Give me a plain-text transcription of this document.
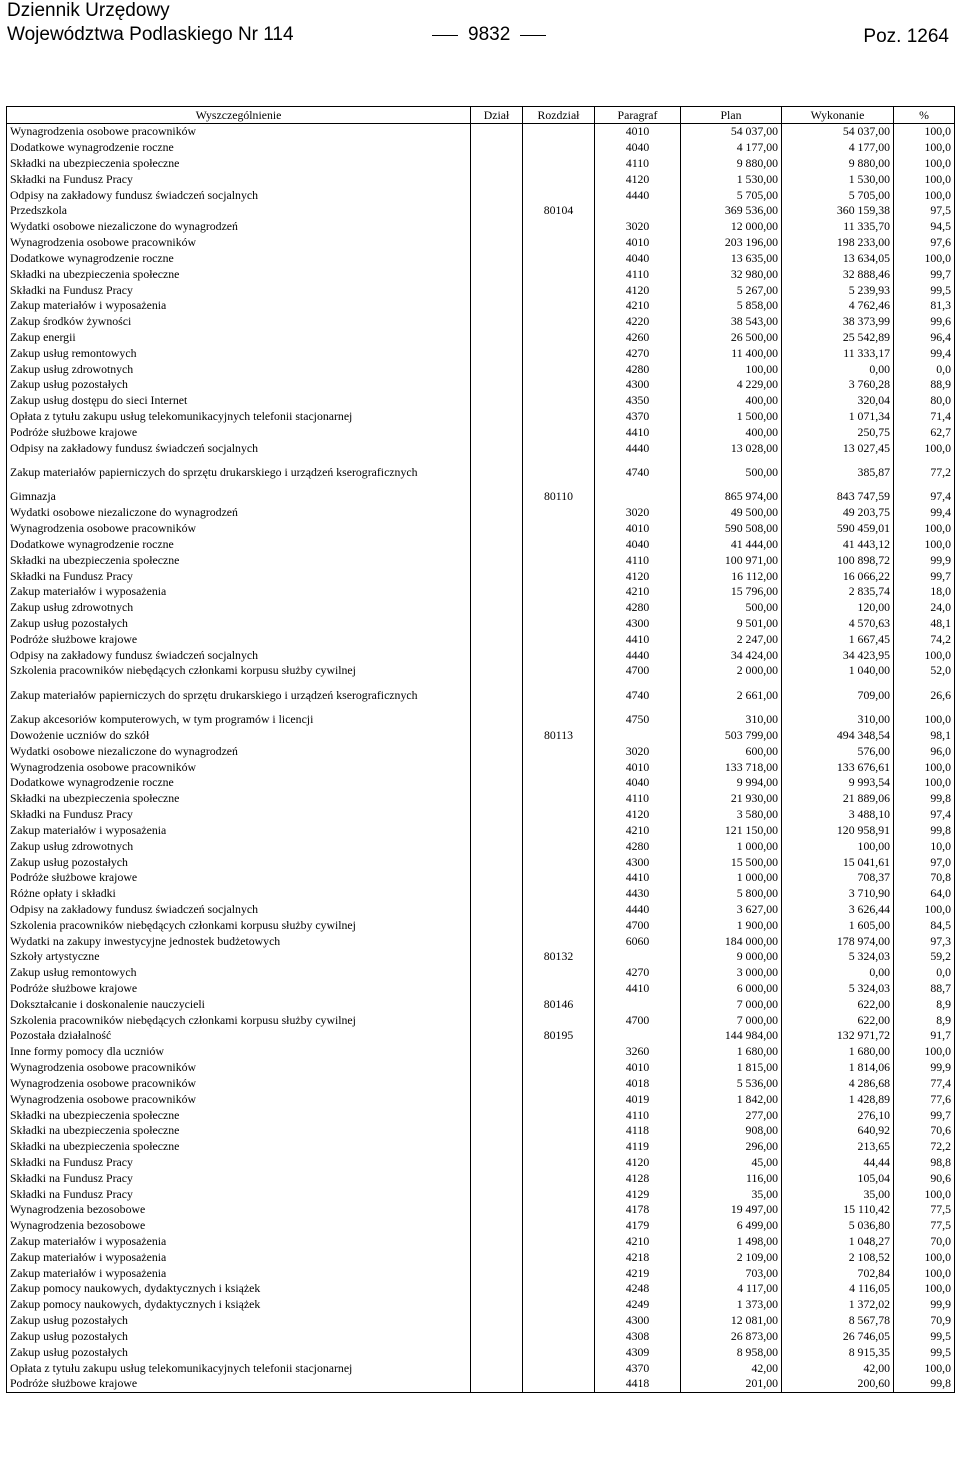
Dziennik Urzędowy
Województwa Podlaskiego Nr 114	9832	Poz. 1264
Wyszczególnienie	Dział	Rozdział	Paragraf	Plan	Wykonanie	%
Wynagrodzenia osobowe pracowników			4010	54 037,00	54 037,00	100,0
Dodatkowe wynagrodzenie roczne			4040	4 177,00	4 177,00	100,0
Składki na ubezpieczenia społeczne			4110	9 880,00	9 880,00	100,0
Składki na Fundusz Pracy			4120	1 530,00	1 530,00	100,0
Odpisy na zakładowy fundusz świadczeń socjalnych			4440	5 705,00	5 705,00	100,0
Przedszkola		80104		369 536,00	360 159,38	97,5
Wydatki osobowe niezaliczone do wynagrodzeń			3020	12 000,00	11 335,70	94,5
Wynagrodzenia osobowe pracowników			4010	203 196,00	198 233,00	97,6
Dodatkowe wynagrodzenie roczne			4040	13 635,00	13 634,05	100,0
Składki na ubezpieczenia społeczne			4110	32 980,00	32 888,46	99,7
Składki na Fundusz Pracy			4120	5 267,00	5 239,93	99,5
Zakup materiałów i wyposażenia			4210	5 858,00	4 762,46	81,3
Zakup środków żywności			4220	38 543,00	38 373,99	99,6
Zakup energii			4260	26 500,00	25 542,89	96,4
Zakup usług remontowych			4270	11 400,00	11 333,17	99,4
Zakup usług zdrowotnych			4280	100,00	0,00	0,0
Zakup usług pozostałych			4300	4 229,00	3 760,28	88,9
Zakup usług dostępu do sieci Internet			4350	400,00	320,04	80,0
Opłata z tytułu zakupu usług telekomunikacyjnych telefonii stacjonarnej			4370	1 500,00	1 071,34	71,4
Podróże służbowe krajowe			4410	400,00	250,75	62,7
Odpisy na zakładowy fundusz świadczeń socjalnych			4440	13 028,00	13 027,45	100,0
Zakup materiałów papierniczych do sprzętu drukarskiego i urządzeń kserograficznych			4740	500,00	385,87	77,2
Gimnazja		80110		865 974,00	843 747,59	97,4
Wydatki osobowe niezaliczone do wynagrodzeń			3020	49 500,00	49 203,75	99,4
Wynagrodzenia osobowe pracowników			4010	590 508,00	590 459,01	100,0
Dodatkowe wynagrodzenie roczne			4040	41 444,00	41 443,12	100,0
Składki na ubezpieczenia społeczne			4110	100 971,00	100 898,72	99,9
Składki na Fundusz Pracy			4120	16 112,00	16 066,22	99,7
Zakup materiałów i wyposażenia			4210	15 796,00	2 835,74	18,0
Zakup usług zdrowotnych			4280	500,00	120,00	24,0
Zakup usług pozostałych			4300	9 501,00	4 570,63	48,1
Podróże służbowe krajowe			4410	2 247,00	1 667,45	74,2
Odpisy na zakładowy fundusz świadczeń socjalnych			4440	34 424,00	34 423,95	100,0
Szkolenia pracowników niebędących członkami korpusu służby cywilnej			4700	2 000,00	1 040,00	52,0
Zakup materiałów papierniczych do sprzętu drukarskiego i urządzeń kserograficznych			4740	2 661,00	709,00	26,6
Zakup akcesoriów komputerowych, w tym programów i licencji			4750	310,00	310,00	100,0
Dowożenie uczniów do szkół		80113		503 799,00	494 348,54	98,1
Wydatki osobowe niezaliczone do wynagrodzeń			3020	600,00	576,00	96,0
Wynagrodzenia osobowe pracowników			4010	133 718,00	133 676,61	100,0
Dodatkowe wynagrodzenie roczne			4040	9 994,00	9 993,54	100,0
Składki na ubezpieczenia społeczne			4110	21 930,00	21 889,06	99,8
Składki na Fundusz Pracy			4120	3 580,00	3 488,10	97,4
Zakup materiałów i wyposażenia			4210	121 150,00	120 958,91	99,8
Zakup usług zdrowotnych			4280	1 000,00	100,00	10,0
Zakup usług pozostałych			4300	15 500,00	15 041,61	97,0
Podróże służbowe krajowe			4410	1 000,00	708,37	70,8
Różne opłaty i składki			4430	5 800,00	3 710,90	64,0
Odpisy na zakładowy fundusz świadczeń socjalnych			4440	3 627,00	3 626,44	100,0
Szkolenia pracowników niebędących członkami korpusu służby cywilnej			4700	1 900,00	1 605,00	84,5
Wydatki na zakupy inwestycyjne jednostek budżetowych			6060	184 000,00	178 974,00	97,3
Szkoły artystyczne		80132		9 000,00	5 324,03	59,2
Zakup usług remontowych			4270	3 000,00	0,00	0,0
Podróże służbowe krajowe			4410	6 000,00	5 324,03	88,7
Dokształcanie i doskonalenie nauczycieli		80146		7 000,00	622,00	8,9
Szkolenia pracowników niebędących członkami korpusu służby cywilnej			4700	7 000,00	622,00	8,9
Pozostała działalność		80195		144 984,00	132 971,72	91,7
Inne formy pomocy dla uczniów			3260	1 680,00	1 680,00	100,0
Wynagrodzenia osobowe pracowników			4010	1 815,00	1 814,06	99,9
Wynagrodzenia osobowe pracowników			4018	5 536,00	4 286,68	77,4
Wynagrodzenia osobowe pracowników			4019	1 842,00	1 428,89	77,6
Składki na ubezpieczenia społeczne			4110	277,00	276,10	99,7
Składki na ubezpieczenia społeczne			4118	908,00	640,92	70,6
Składki na ubezpieczenia społeczne			4119	296,00	213,65	72,2
Składki na Fundusz Pracy			4120	45,00	44,44	98,8
Składki na Fundusz Pracy			4128	116,00	105,04	90,6
Składki na Fundusz Pracy			4129	35,00	35,00	100,0
Wynagrodzenia bezosobowe			4178	19 497,00	15 110,42	77,5
Wynagrodzenia bezosobowe			4179	6 499,00	5 036,80	77,5
Zakup materiałów i wyposażenia			4210	1 498,00	1 048,27	70,0
Zakup materiałów i wyposażenia			4218	2 109,00	2 108,52	100,0
Zakup materiałów i wyposażenia			4219	703,00	702,84	100,0
Zakup pomocy naukowych, dydaktycznych i książek			4248	4 117,00	4 116,05	100,0
Zakup pomocy naukowych, dydaktycznych i książek			4249	1 373,00	1 372,02	99,9
Zakup usług pozostałych			4300	12 081,00	8 567,78	70,9
Zakup usług pozostałych			4308	26 873,00	26 746,05	99,5
Zakup usług pozostałych			4309	8 958,00	8 915,35	99,5
Opłata z tytułu zakupu usług telekomunikacyjnych telefonii stacjonarnej			4370	42,00	42,00	100,0
Podróże służbowe krajowe			4418	201,00	200,60	99,8
